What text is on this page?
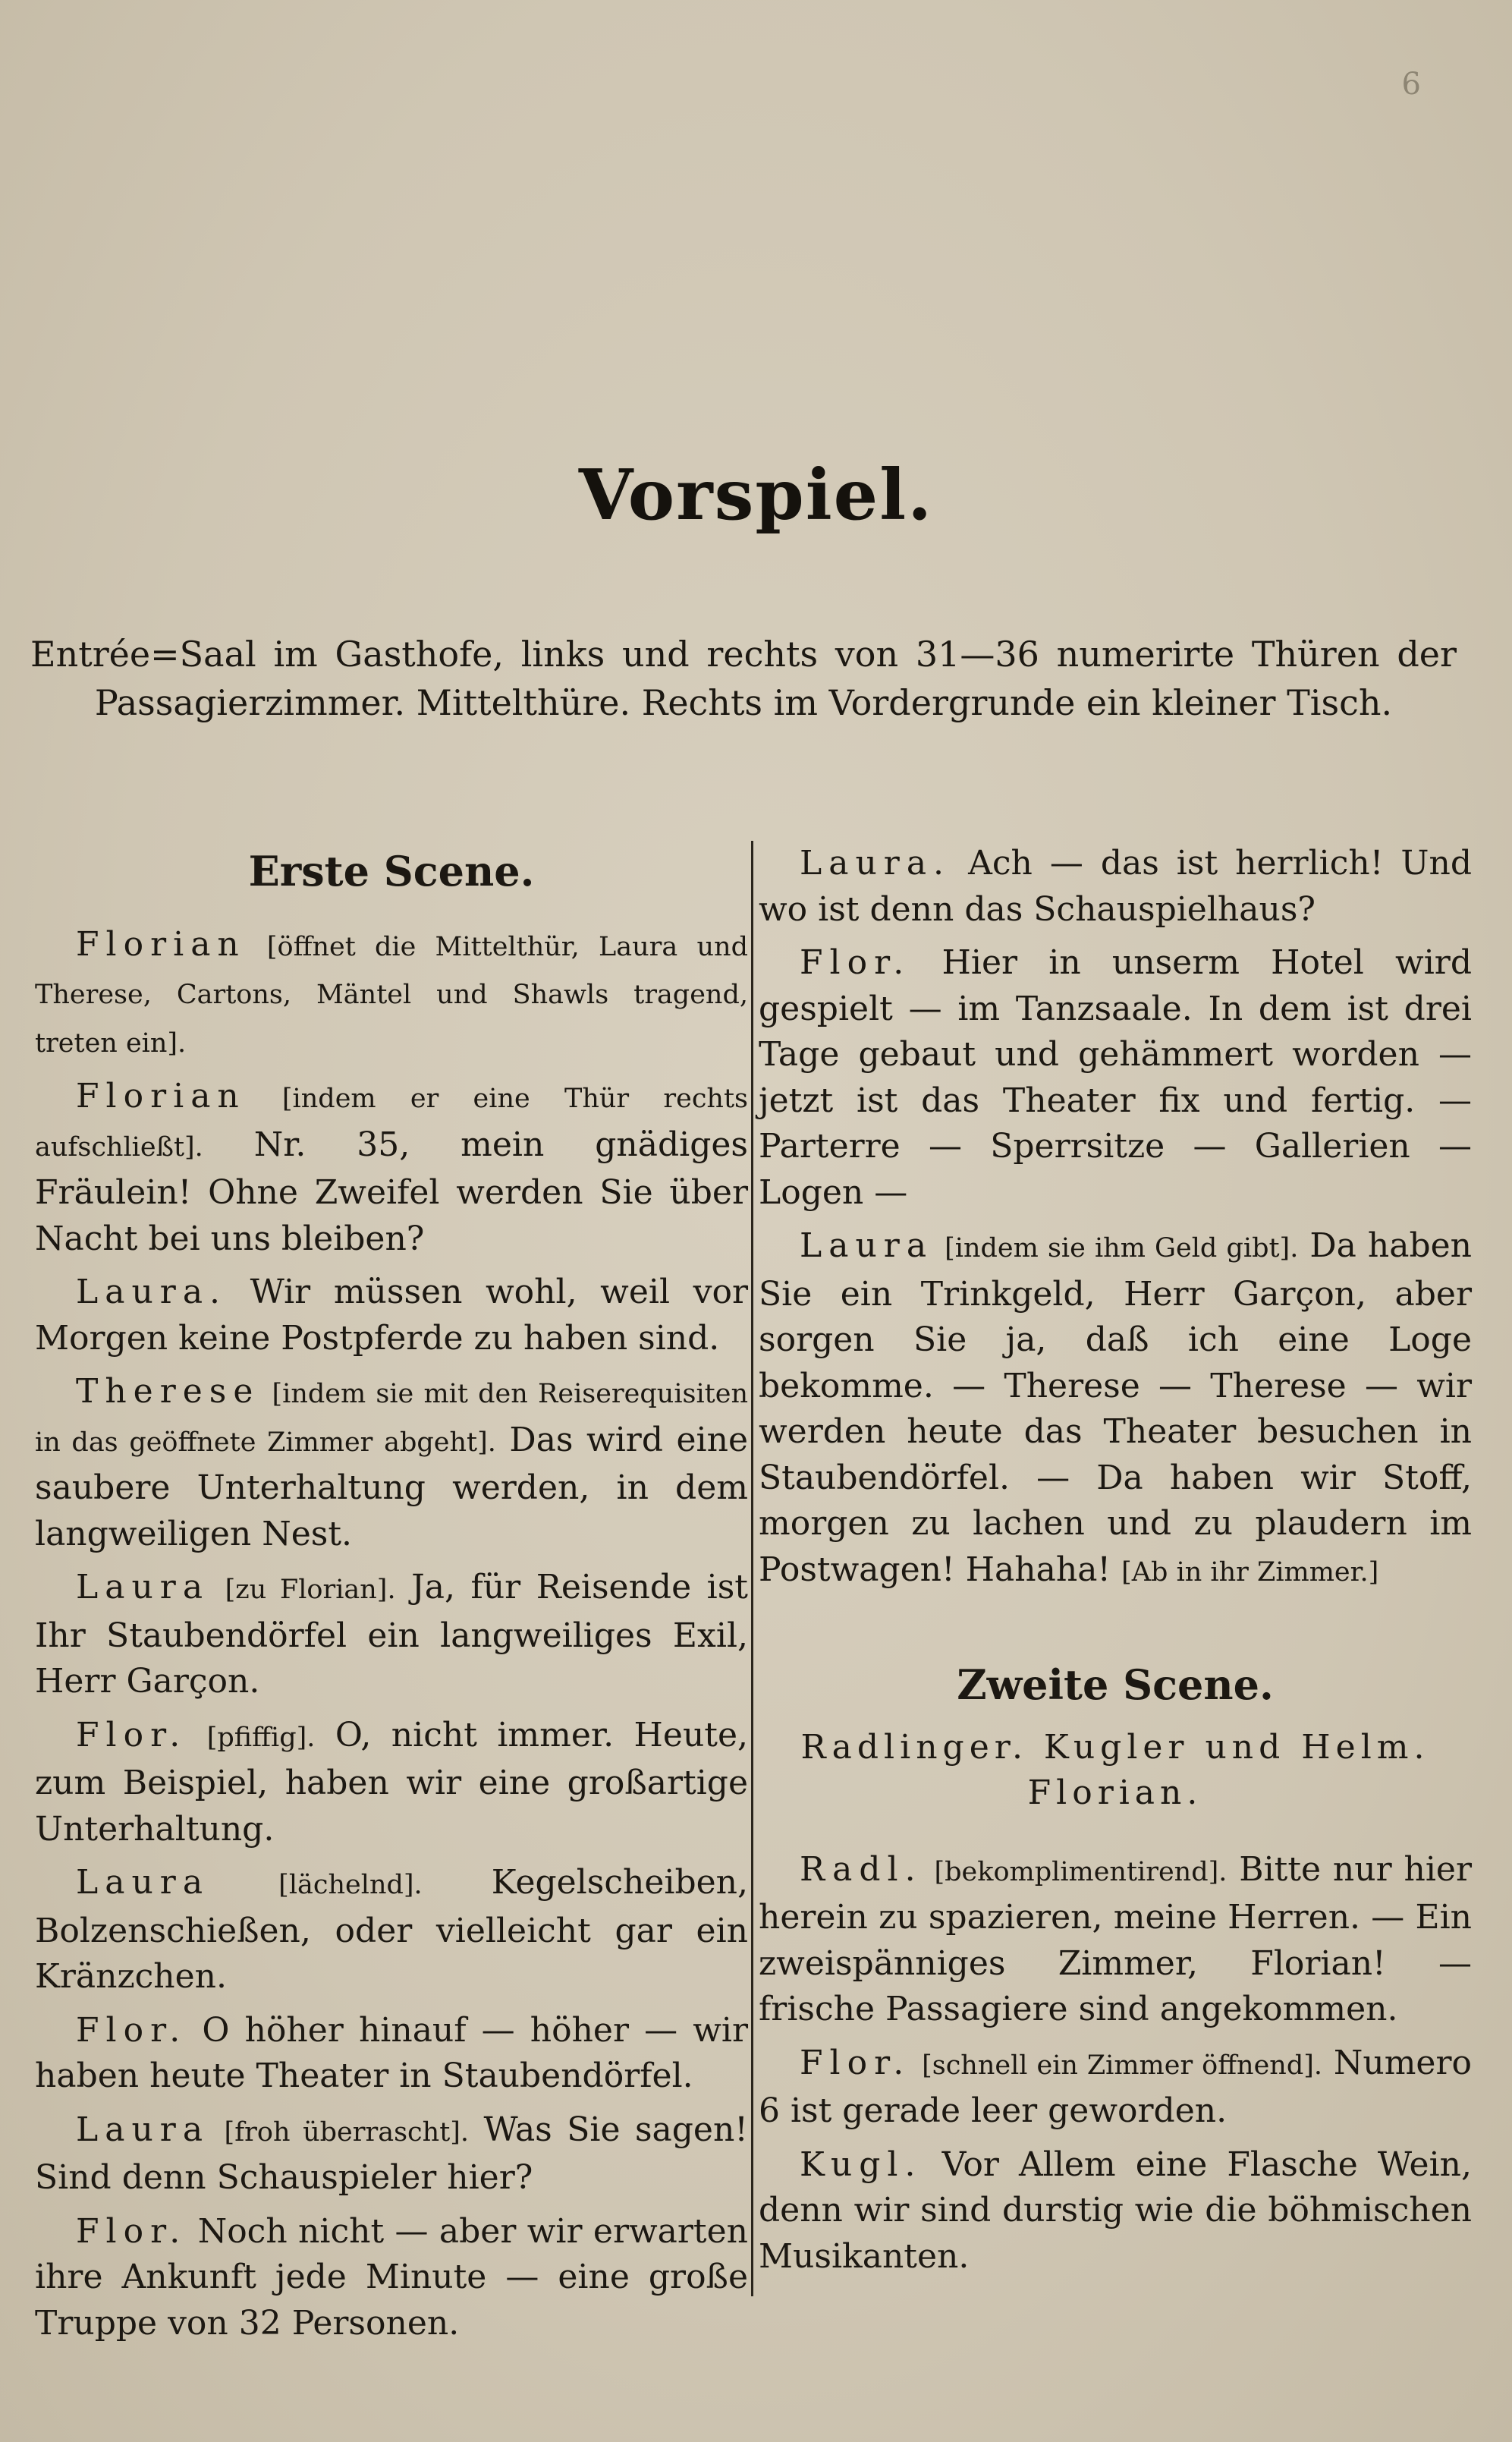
6
Vorspiel.
Entrée=Saal im Gasthofe, links und rechts von 31—36 numerirte Thüren der Passagierzimmer. Mittelthüre. Rechts im Vordergrunde ein kleiner Tisch.

Erste Scene.

Florian [öffnet die Mittelthür, Laura und Therese, Cartons, Mäntel und Shawls tragend, treten ein].

Florian [indem er eine Thür rechts aufschließt]. Nr. 35, mein gnädiges Fräulein! Ohne Zweifel werden Sie über Nacht bei uns bleiben?

Laura. Wir müssen wohl, weil vor Morgen keine Postpferde zu haben sind.

Therese [indem sie mit den Reiserequisiten in das geöffnete Zimmer abgeht]. Das wird eine saubere Unterhaltung werden, in dem langweiligen Nest.

Laura [zu Florian]. Ja, für Reisende ist Ihr Staubendörfel ein langweiliges Exil, Herr Garçon.

Flor. [pfiffig]. O, nicht immer. Heute, zum Beispiel, haben wir eine großartige Unterhaltung.

Laura	[lächelnd]. Kegelscheiben, Bolzenschießen, oder vielleicht gar ein Kränzchen.

Flor. O höher hinauf — höher — wir haben heute Theater in Staubendörfel.

Laura [froh überrascht]. Was Sie sagen! Sind denn Schauspieler hier?

Flor. Noch nicht — aber wir erwarten ihre Ankunft jede Minute — eine große Truppe von 32 Personen.

Laura. Ach — das ist herrlich! Und wo ist denn das Schauspielhaus?

Flor. Hier in unserm Hotel wird gespielt — im Tanzsaale. In dem ist drei Tage gebaut und gehämmert worden — jetzt ist das Theater fix und fertig. — Parterre — Sperrsitze — Gallerien — Logen —

Laura [indem sie ihm Geld gibt]. Da haben Sie ein Trinkgeld, Herr Garçon, aber sorgen Sie ja, daß ich eine Loge bekomme. — Therese — Therese — wir werden heute das Theater besuchen in Staubendörfel. — Da haben wir Stoff, morgen zu lachen und zu plaudern im Postwagen! Hahaha! [Ab in ihr Zimmer.]

Zweite Scene.

Radlinger. Kugler und Helm. Florian.

Radl. [bekomplimentirend]. Bitte nur hier herein zu spazieren, meine Herren. — Ein zweispänniges Zimmer, Florian! — frische Passagiere sind angekommen.

Flor. [schnell ein Zimmer öffnend]. Numero 6 ist gerade leer geworden.

Kugl. Vor Allem eine Flasche Wein, denn wir sind durstig wie die böhmischen Musikanten.
